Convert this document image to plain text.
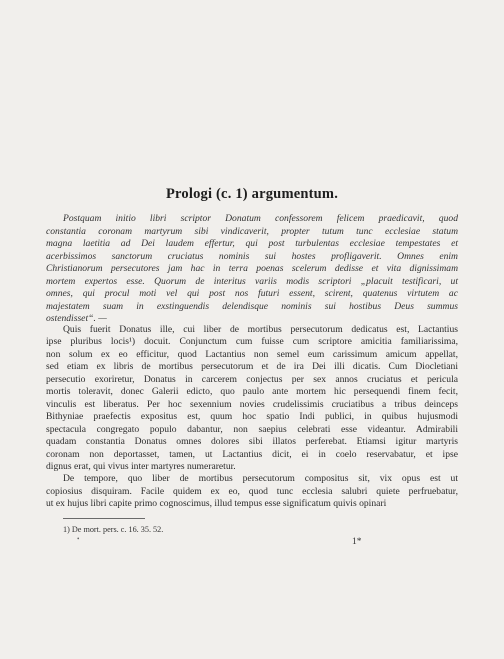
Prologi (c. 1) argumentum.
Postquam initio libri scriptor Donatum confessorem felicem praedicavit, quod
constantia coronam martyrum sibi vindicaverit, propter tutum tunc ecclesiae statum
magna laetitia ad Dei laudem effertur, qui post turbulentas ecclesiae tempestates et
acerbissimos sanctorum cruciatus nominis sui hostes profligaverit. Omnes enim
Christianorum persecutores jam hac in terra poenas scelerum dedisse et vita dignissimam
mortem expertos esse. Quorum de interitus variis modis scriptori „placuit testificari, ut
omnes, qui procul moti vel qui post nos futuri essent, scirent, quatenus virtutem ac
majestatem suam in exstinguendis delendisque nominis sui hostibus Deus summus
ostendisset“. —
Quis fuerit Donatus ille, cui liber de mortibus persecutorum dedicatus est, Lactantius
ipse pluribus locis¹) docuit. Conjunctum cum fuisse cum scriptore amicitia familiarissima,
non solum ex eo efficitur, quod Lactantius non semel eum carissimum amicum appellat,
sed etiam ex libris de mortibus persecutorum et de ira Dei illi dicatis. Cum Diocletiani
persecutio exoriretur, Donatus in carcerem conjectus per sex annos cruciatus et pericula
mortis toleravit, donec Galerii edicto, quo paulo ante mortem hic persequendi finem fecit,
vinculis est liberatus. Per hoc sexennium novies crudelissimis cruciatibus a tribus deinceps
Bithyniae praefectis expositus est, quum hoc spatio Indi publici, in quibus hujusmodi
spectacula congregato populo dabantur, non saepius celebrati esse videantur. Admirabili
quadam constantia Donatus omnes dolores sibi illatos perferebat. Etiamsi igitur martyris
coronam non deportasset, tamen, ut Lactantius dicit, ei in coelo reservabatur, et ipse
dignus erat, qui vivus inter martyres numeraretur.
De tempore, quo liber de mortibus persecutorum compositus sit, vix opus est ut
copiosius disquiram. Facile quidem ex eo, quod tunc ecclesia salubri quiete perfruebatur,
ut ex hujus libri capite primo cognoscimus, illud tempus esse significatum quivis opinari
1) De mort. pers. c. 16. 35. 52.
•	1*
